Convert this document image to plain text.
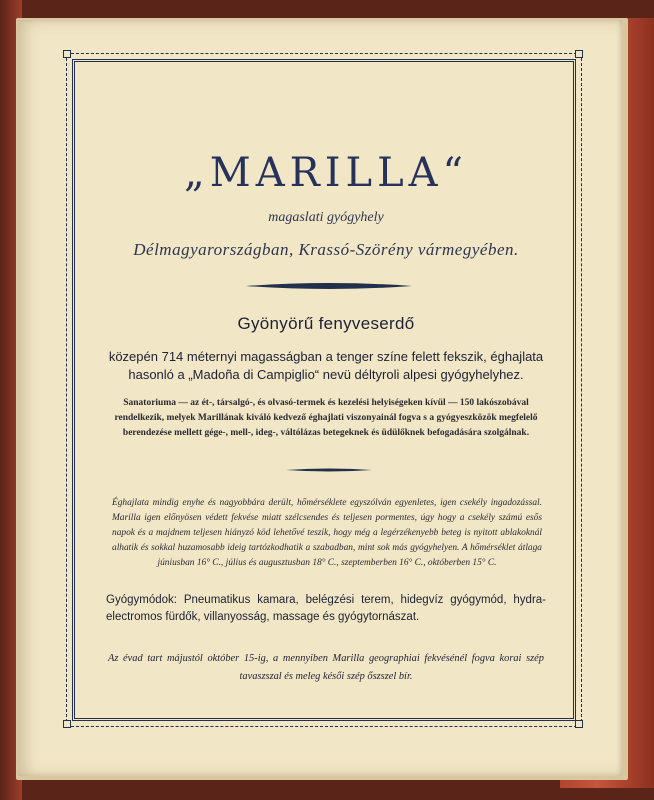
„MARILLA“
magaslati gyógyhely
Délmagyarországban, Krassó-Szörény vármegyében.
Gyönyörű fenyveserdő
közepén 714 méternyi magasságban a tenger színe felett fekszik, éghajlata hasonló a „Madoña di Campiglio“ nevü déltyroli alpesi gyógyhelyhez.
Sanatoriuma — az ét-, társalgó-, és olvasó-termek és kezelési helyiségeken kívül — 150 lakószobával rendelkezik, melyek Marillának kiváló kedvező éghajlati viszonyainál fogva s a gyógyeszközök megfelelő berendezése mellett gége-, mell-, ideg-, váltólázas betegeknek és üdülőknek befogadására szolgálnak.
Éghajlata mindig enyhe és nagyobbára derült, hőmérséklete egyszólván egyenletes, igen csekély ingadozással. Marilla igen előnyösen védett fekvése miatt szélcsendes és teljesen pormentes, úgy hogy a csekély számú esős napok és a majdnem teljesen hiányzó köd lehetővé teszik, hogy még a legérzékenyebb beteg is nyitott ablakoknál alhatik és sokkal huzamosabb ideig tartózkodhatik a szabadban, mint sok más gyógyhelyen. A hőmérséklet átlaga júniusban 16° C., július és augusztusban 18° C., szeptemberben 16° C., októberben 15° C.
Gyógymódok: Pneumatikus kamara, belégzési terem, hidegvíz gyógymód, hydra-electromos fürdők, villanyosság, massage és gyógytornászat.
Az évad tart májustól október 15-ig, a mennyiben Marilla geographiai fekvésénél fogva korai szép tavaszszal és meleg késői szép őszszel bír.
